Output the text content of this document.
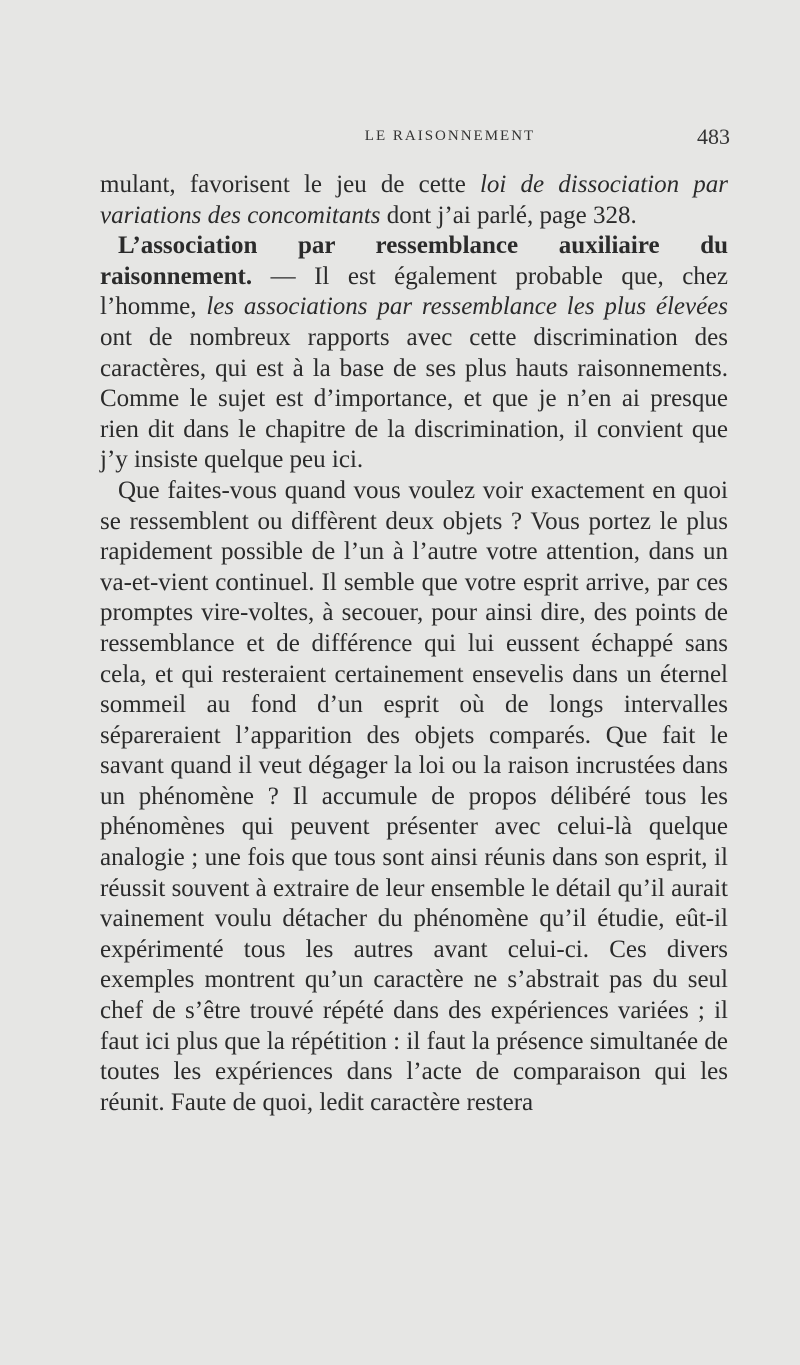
LE RAISONNEMENT	483

mulant, favorisent le jeu de cette loi de dissociation par variations des concomitants dont j’ai parlé, page 328.

L’association par ressemblance auxiliaire du raisonnement. — Il est également probable que, chez l’homme, les associations par ressemblance les plus élevéesont de nombreux rapports avec cette discrimination des caractères, qui est à la base de ses plus hauts raisonnements. Comme le sujet est d’importance, et que je n’en ai presque rien dit dans le chapitre de la discrimination, il convient que j’y insiste quelque peu ici.

Que faites-vous quand vous voulez voir exactement en quoi se ressemblent ou diffèrent deux objets ? Vous portez le plus rapidement possible de l’un à l’autre votre attention, dans un va-et-vient continuel. Il semble que votre esprit arrive, par ces promptes vire-voltes, à secouer, pour ainsi dire, des points de ressemblance et de différence qui lui eussent échappé sans cela, et qui resteraient certainement ensevelis dans un éternel sommeil au fond d’un esprit où de longs intervalles sépareraient l’apparition des objets comparés. Que fait le savant quand il veut dégager la loi ou la raison incrustées dans un phénomène ? Il accumule de propos délibéré tous les phénomènes qui peuvent présenter avec celui-là quelque analogie ; une fois que tous sont ainsi réunis dans son esprit, il réussit souvent à extraire de leur ensemble le détail qu’il aurait vainement voulu détacher du phénomène qu’il étudie, eût-il expérimenté tous les autres avant celui-ci. Ces divers exemples montrent qu’un caractère ne s’abstrait pas du seul chef de s’être trouvé répété dans des expériences variées ; il faut ici plus que la répétition : il faut la présence simultanée de toutes les expériences dans l’acte de comparaison qui les réunit. Faute de quoi, ledit caractère restera
